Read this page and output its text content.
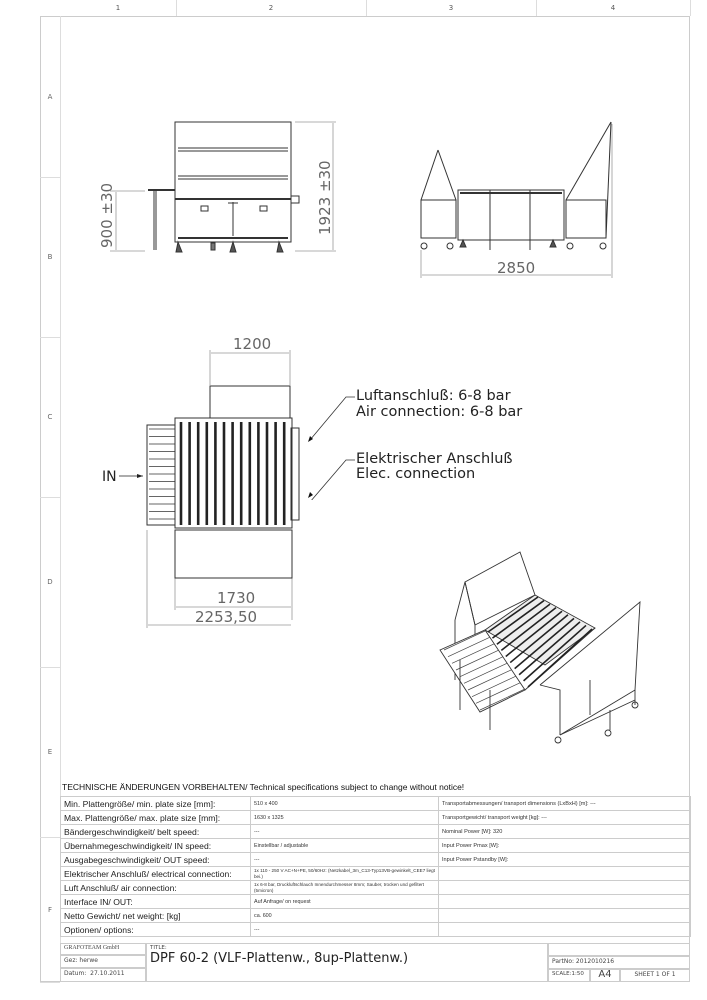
1	2	3	4
A
B
C
D
E
F
900 ±30	1923 ±30
2850
1200
1730
2253,50
IN
Luftanschluß: 6-8 bar
Air connection: 6-8 bar
Elektrischer Anschluß
Elec. connection
TECHNISCHE ÄNDERUNGEN VORBEHALTEN/ Technical specifications subject to change without notice!
Min. Plattengröße/ min. plate size [mm]:	510 x 400	Transportabmessungen/ transport dimensions (LxBxH) [m]: ---
Max. Plattengröße/ max. plate size [mm]:	1630 x 1325	Transportgewicht/ transport weight [kg]: ---
Bändergeschwindigkeit/ belt speed:	---	Nominal Power [W]: 320
Übernahmegeschwindigkeit/ IN speed:	Einstellbar / adjustable	Input Power Pmax [W]:
Ausgabegeschwindigkeit/ OUT speed:	---	Input Power Pstandby [W]:
Elektrischer Anschluß/ electrical connection:	1x 110 - 250 V AC+N+PE, 50/60Hz: (Netzkabel_3m_C13-Typ13VB-gewinkelt_CEE7 liegt bei.)	
Luft Anschluß/ air connection:	1x 6-8 bar, Druckluftschlauch Innendurchmesser 8mm; Sauber, trocken und gefiltert (5micron)	
Interface IN/ OUT:	Auf Anfrage/ on request	
Netto Gewicht/ net weight: [kg]	ca. 600	
Optionen/ options:	---	
GRAFOTEAM GmbH
Gez: herwe
Datum: 27.10.2011
TITLE:
DPF 60-2 (VLF-Plattenw., 8up-Plattenw.)	PartNo: 2012010216
SCALE:1:50	A4	SHEET 1 OF 1
